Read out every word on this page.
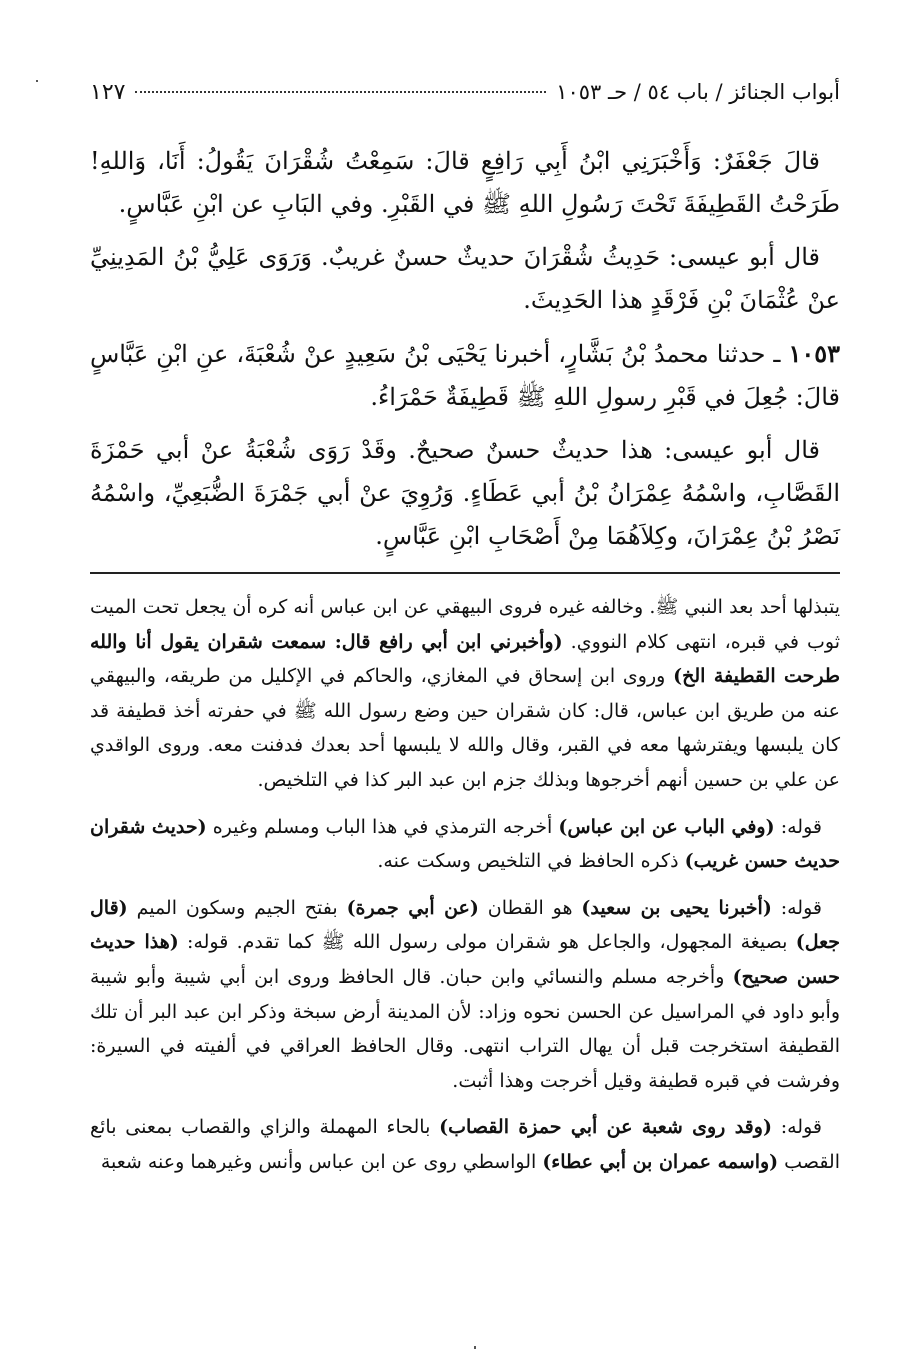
أبواب الجنائز / باب ٥٤ / حـ ١٠٥٣
١٢٧

قالَ جَعْفَرٌ: وَأَخْبَرَنِي ابْنُ أَبِي رَافِعٍ قالَ: سَمِعْتُ شُقْرَانَ يَقُولُ: أَنَا، وَاللهِ! طَرَحْتُ القَطِيفَةَ تَحْتَ رَسُولِ اللهِ ﷺ في القَبْرِ. وفي البَابِ عن ابْنِ عَبَّاسٍ.

قال أبو عيسى: حَدِيثُ شُقْرَانَ حديثٌ حسنٌ غريبٌ. وَرَوَى عَلِيُّ بْنُ المَدِينِيِّ عنْ عُثْمَانَ بْنِ فَرْقَدٍ هذا الحَدِيثَ.

١٠٥٣ ـ حدثنا محمدُ بْنُ بَشَّارٍ، أخبرنا يَحْيَى بْنُ سَعِيدٍ عنْ شُعْبَةَ، عنِ ابْنِ عَبَّاسٍ قالَ: جُعِلَ في قَبْرِ رسولِ اللهِ ﷺ قَطِيفَةٌ حَمْرَاءُ.

قال أبو عيسى: هذا حديثٌ حسنٌ صحيحٌ. وقَدْ رَوَى شُعْبَةُ عنْ أبي حَمْزَةَ القَصَّابِ، واسْمُهُ عِمْرَانُ بْنُ أبي عَطَاءٍ. وَرُوِيَ عنْ أبي جَمْرَةَ الضُّبَعِيِّ، واسْمُهُ نَصْرُ بْنُ عِمْرَانَ، وكِلاَهُمَا مِنْ أَصْحَابِ ابْنِ عَبَّاسٍ.

يتبذلها أحد بعد النبي ﷺ. وخالفه غيره فروى البيهقي عن ابن عباس أنه كره أن يجعل تحت الميت ثوب في قبره، انتهى كلام النووي. (وأخبرني ابن أبي رافع قال: سمعت شقران يقول أنا والله طرحت القطيفة الخ) وروى ابن إسحاق في المغازي، والحاكم في الإكليل من طريقه، والبيهقي عنه من طريق ابن عباس، قال: كان شقران حين وضع رسول الله ﷺ في حفرته أخذ قطيفة قد كان يلبسها ويفترشها معه في القبر، وقال والله لا يلبسها أحد بعدك فدفنت معه. وروى الواقدي عن علي بن حسين أنهم أخرجوها وبذلك جزم ابن عبد البر كذا في التلخيص.

قوله: (وفي الباب عن ابن عباس) أخرجه الترمذي في هذا الباب ومسلم وغيره (حديث شقران حديث حسن غريب) ذكره الحافظ في التلخيص وسكت عنه.

قوله: (أخبرنا يحيى بن سعيد) هو القطان (عن أبي جمرة) بفتح الجيم وسكون الميم (قال جعل) بصيغة المجهول، والجاعل هو شقران مولى رسول الله ﷺ كما تقدم. قوله: (هذا حديث حسن صحيح) وأخرجه مسلم والنسائي وابن حبان. قال الحافظ وروى ابن أبي شيبة وأبو شيبة وأبو داود في المراسيل عن الحسن نحوه وزاد: لأن المدينة أرض سبخة وذكر ابن عبد البر أن تلك القطيفة استخرجت قبل أن يهال التراب انتهى. وقال الحافظ العراقي في ألفيته في السيرة: وفرشت في قبره قطيفة وقيل أخرجت وهذا أثبت.

قوله: (وقد روى شعبة عن أبي حمزة القصاب) بالحاء المهملة والزاي والقصاب بمعنى بائع القصب (واسمه عمران بن أبي عطاء) الواسطي روى عن ابن عباس وأنس وغيرهما وعنه شعبة
